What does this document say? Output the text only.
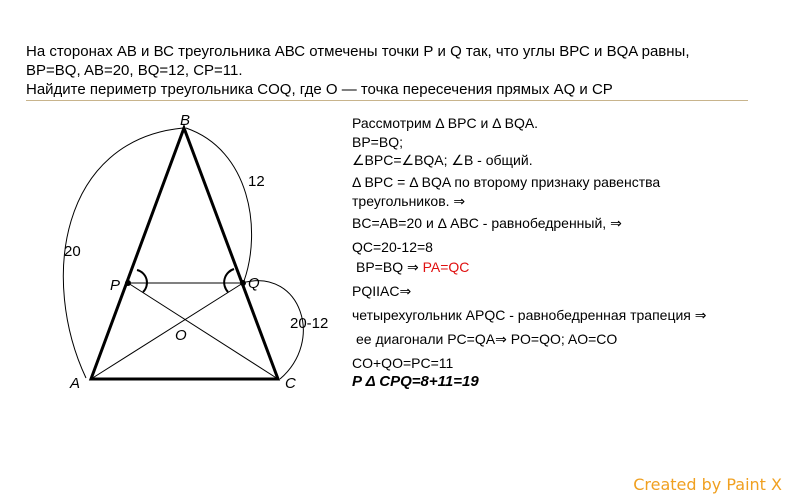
На сторонах АВ и ВС треугольника АВС отмечены точки Р и Q так, что углы ВРС и BQA равны,
BP=BQ, AB=20, BQ=12, CP=11.
Найдите периметр треугольника COQ, где О — точка пересечения прямых AQ и СР
B
A	C
P	Q
O
20
12
20-12
Рассмотрим Δ BPC и Δ BQA.
BP=BQ;
∠BPC=∠BQA; ∠B - общий.
Δ BPC = Δ BQA по второму признаку равенства
треугольников. ⇒
BC=AB=20 и Δ ABC - равнобедренный, ⇒
QC=20-12=8
BP=BQ ⇒ PA=QC
PQIIAC⇒
четырехугольник APQC - равнобедренная трапеция ⇒
ее диагонали PC=QA⇒ PO=QO; AO=CO
CO+QO=PC=11
P Δ CPQ=8+11=19
Created by Paint X
